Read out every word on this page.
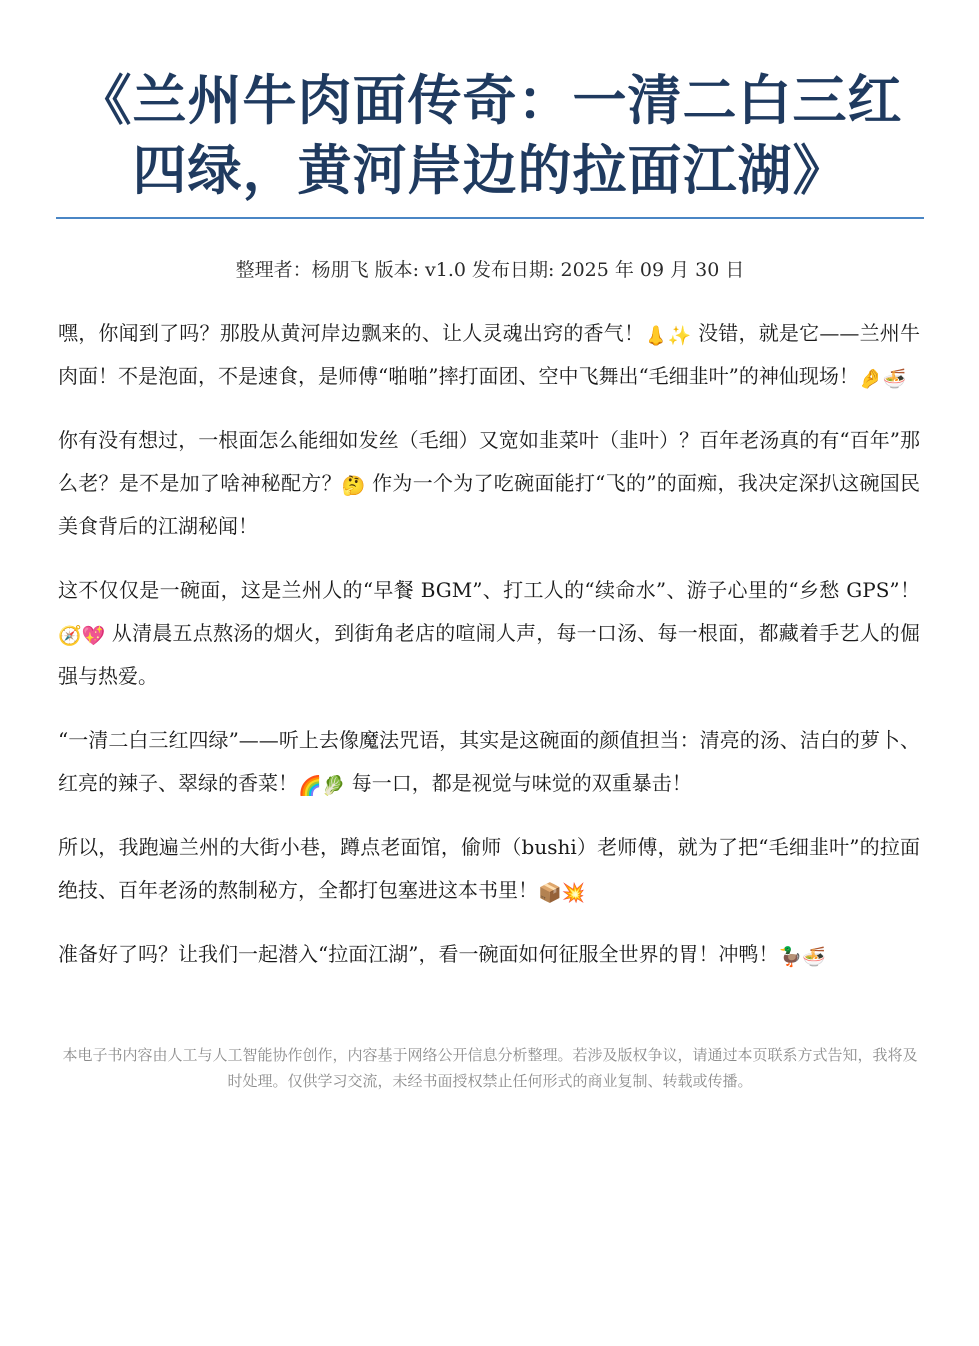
《兰州牛肉面传奇：一清二白三红四绿，黄河岸边的拉面江湖》
整理者：杨朋飞 版本: v1.0 发布日期: 2025 年 09 月 30 日

嘿，你闻到了吗？那股从黄河岸边飘来的、让人灵魂出窍的香气！👃✨ 没错，就是它——兰州牛肉面！不是泡面，不是速食，是师傅“啪啪”摔打面团、空中飞舞出“毛细韭叶”的神仙现场！🤌🍜

你有没有想过，一根面怎么能细如发丝（毛细）又宽如韭菜叶（韭叶）？百年老汤真的有“百年”那么老？是不是加了啥神秘配方？🤔 作为一个为了吃碗面能打“飞的”的面痴，我决定深扒这碗国民美食背后的江湖秘闻！

这不仅仅是一碗面，这是兰州人的“早餐 BGM”、打工人的“续命水”、游子心里的“乡愁 GPS”！🧭💖 从清晨五点熬汤的烟火，到街角老店的喧闹人声，每一口汤、每一根面，都藏着手艺人的倔强与热爱。

“一清二白三红四绿”——听上去像魔法咒语，其实是这碗面的颜值担当：清亮的汤、洁白的萝卜、红亮的辣子、翠绿的香菜！🌈🥬 每一口，都是视觉与味觉的双重暴击！

所以，我跑遍兰州的大街小巷，蹲点老面馆，偷师（bushi）老师傅，就为了把“毛细韭叶”的拉面绝技、百年老汤的熬制秘方，全都打包塞进这本书里！📦💥

准备好了吗？让我们一起潜入“拉面江湖”，看一碗面如何征服全世界的胃！冲鸭！🦆🍜

本电子书内容由人工与人工智能协作创作，内容基于网络公开信息分析整理。若涉及版权争议，请通过本页联系方式告知，我将及时处理。仅供学习交流，未经书面授权禁止任何形式的商业复制、转载或传播。
